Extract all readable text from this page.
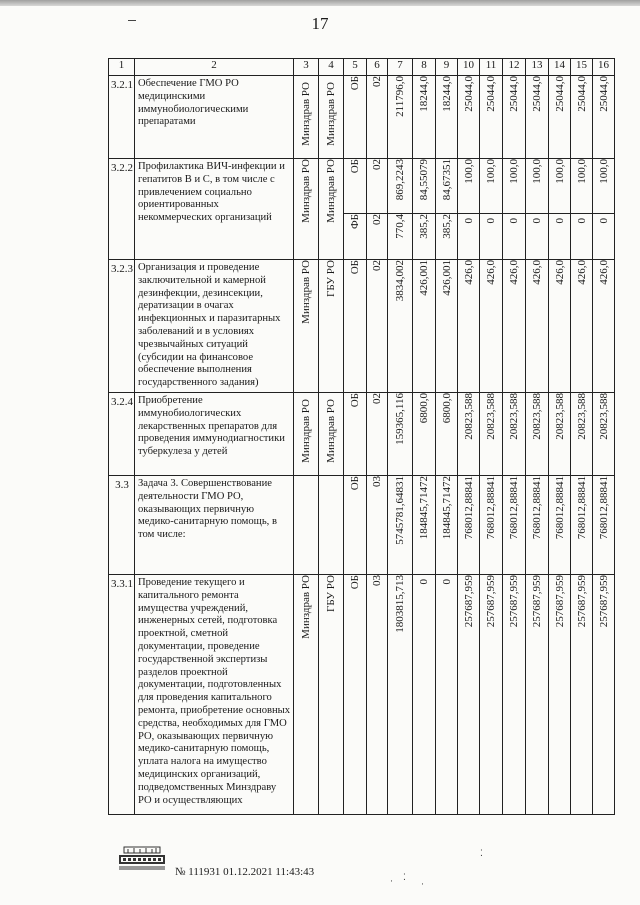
17
1	2	3	4	5	6	7	8	9	10	11	12	13	14	15	16
3.2.1	Обеспечение ГМО РО медицинскими иммунобиологическими препаратами	Минздрав РО	Минздрав РО	ОБ	02	211796,0	18244,0	18244,0	25044,0	25044,0	25044,0	25044,0	25044,0	25044,0	25044,0
3.2.2	Профилактика ВИЧ-инфекции и гепатитов В и С, в том числе с привлечением социально ориентированных некоммерческих организаций	Минздрав РО	Минздрав РО	ОБ	02	869,2243	84,55079	84,67351	100,0	100,0	100,0	100,0	100,0	100,0	100,0
				ФБ	02	770,4	385,2	385,2	0	0	0	0	0	0	0
3.2.3	Организация и проведение заключительной и камерной дезинфекции, дезинсекции, дератизации в очагах инфекционных и паразитарных заболеваний и в условиях чрезвычайных ситуаций (субсидии на финансовое обеспечение выполнения государственного задания)	Минздрав РО	ГБУ РО	ОБ	02	3834,002	426,001	426,001	426,0	426,0	426,0	426,0	426,0	426,0	426,0
3.2.4	Приобретение иммунобиологических лекарственных препаратов для проведения иммунодиагностики туберкулеза у детей	Минздрав РО	Минздрав РО	ОБ	02	159365,116	6800,0	6800,0	20823,588	20823,588	20823,588	20823,588	20823,588	20823,588	20823,588
3.3	Задача 3. Совершенствование деятельности ГМО РО, оказывающих первичную медико-санитарную помощь, в том числе:			ОБ	03	5745781,64831	184845,71472	184845,71472	768012,88841	768012,88841	768012,88841	768012,88841	768012,88841	768012,88841	768012,88841
3.3.1	Проведение текущего и капитального ремонта имущества учреждений, инженерных сетей, подготовка проектной, сметной документации, проведение государственной экспертизы разделов проектной документации, подготовленных для проведения капитального ремонта, приобретение основных средства, необходимых для ГМО РО, оказывающих первичную медико-санитарную помощь, уплата налога на имущество медицинских организаций, подведомственных Минздраву РО и осуществляющих	Минздрав РО	ГБУ РО	ОБ	03	1803815,713	0	0	257687,959	257687,959	257687,959	257687,959	257687,959	257687,959	257687,959
№ 111931 01.12.2021 11:43:43
⁚
· ⁚
·
